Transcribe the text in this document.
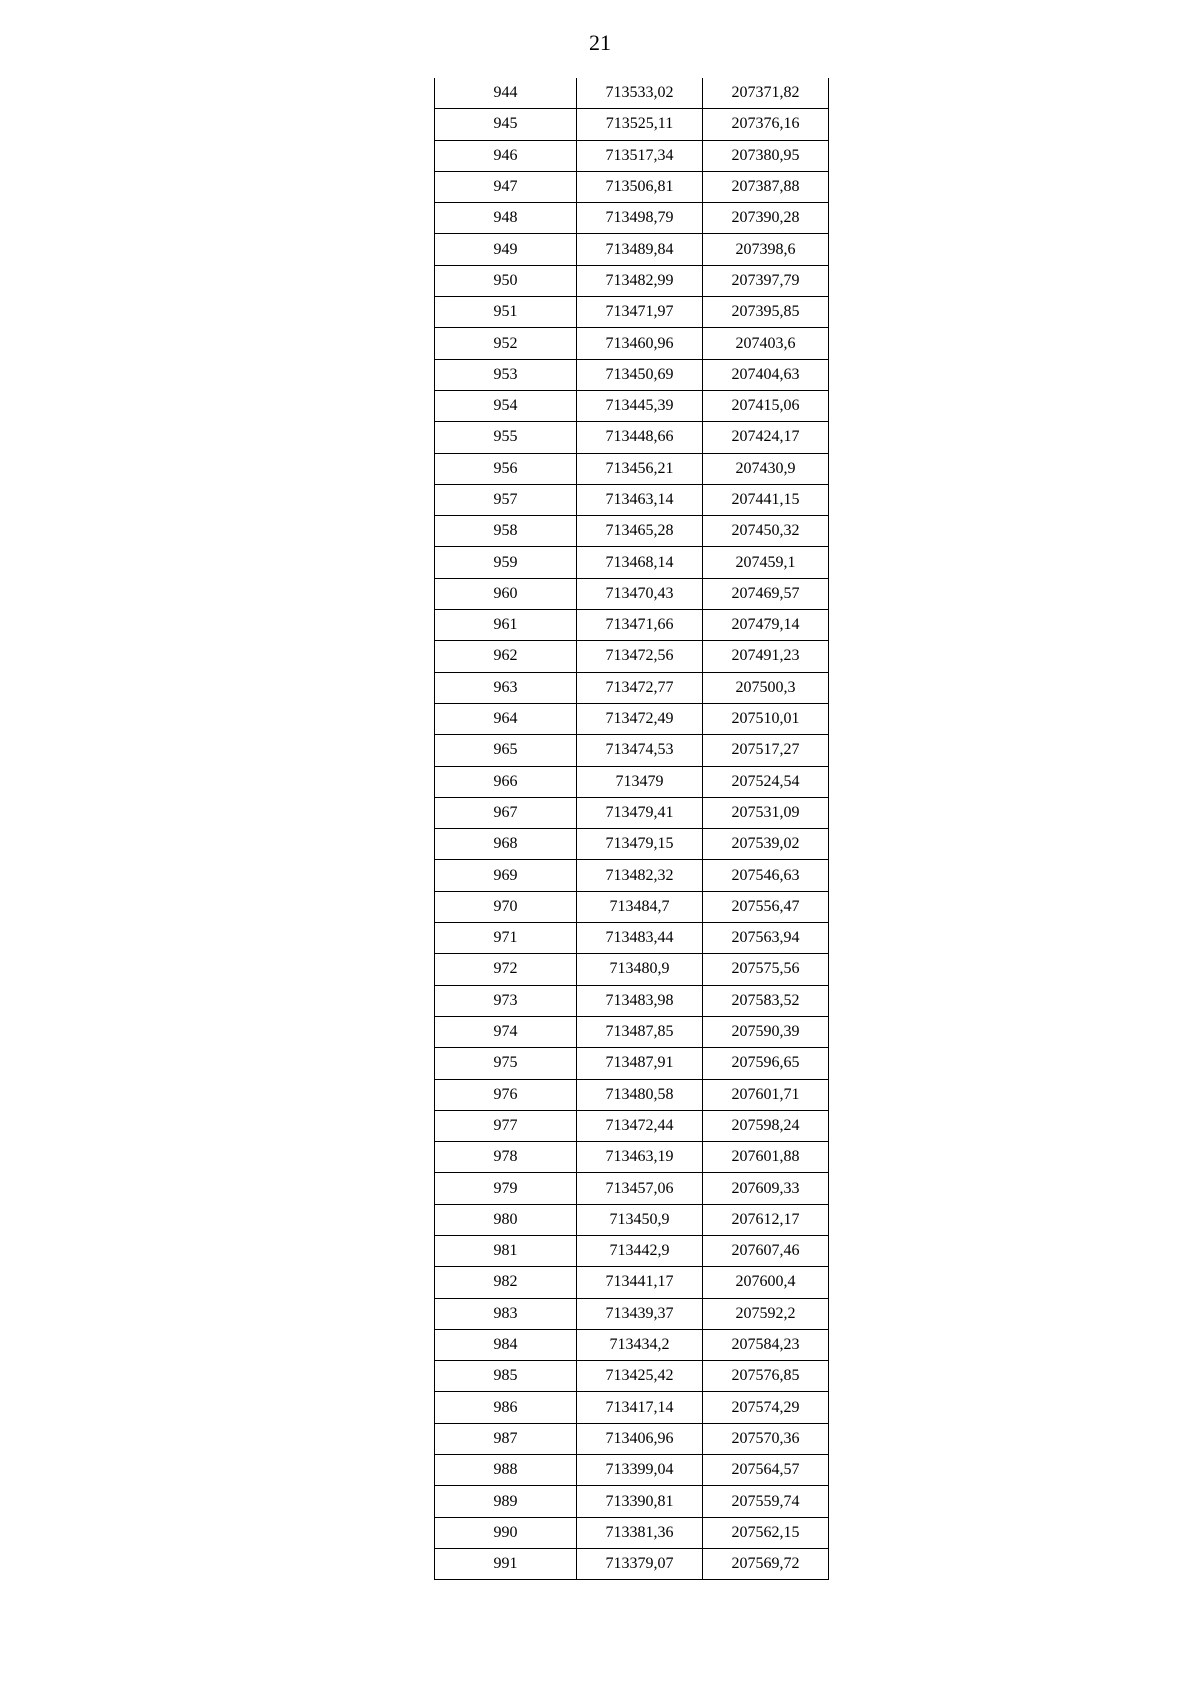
21
944	713533,02	207371,82
945	713525,11	207376,16
946	713517,34	207380,95
947	713506,81	207387,88
948	713498,79	207390,28
949	713489,84	207398,6
950	713482,99	207397,79
951	713471,97	207395,85
952	713460,96	207403,6
953	713450,69	207404,63
954	713445,39	207415,06
955	713448,66	207424,17
956	713456,21	207430,9
957	713463,14	207441,15
958	713465,28	207450,32
959	713468,14	207459,1
960	713470,43	207469,57
961	713471,66	207479,14
962	713472,56	207491,23
963	713472,77	207500,3
964	713472,49	207510,01
965	713474,53	207517,27
966	713479	207524,54
967	713479,41	207531,09
968	713479,15	207539,02
969	713482,32	207546,63
970	713484,7	207556,47
971	713483,44	207563,94
972	713480,9	207575,56
973	713483,98	207583,52
974	713487,85	207590,39
975	713487,91	207596,65
976	713480,58	207601,71
977	713472,44	207598,24
978	713463,19	207601,88
979	713457,06	207609,33
980	713450,9	207612,17
981	713442,9	207607,46
982	713441,17	207600,4
983	713439,37	207592,2
984	713434,2	207584,23
985	713425,42	207576,85
986	713417,14	207574,29
987	713406,96	207570,36
988	713399,04	207564,57
989	713390,81	207559,74
990	713381,36	207562,15
991	713379,07	207569,72
